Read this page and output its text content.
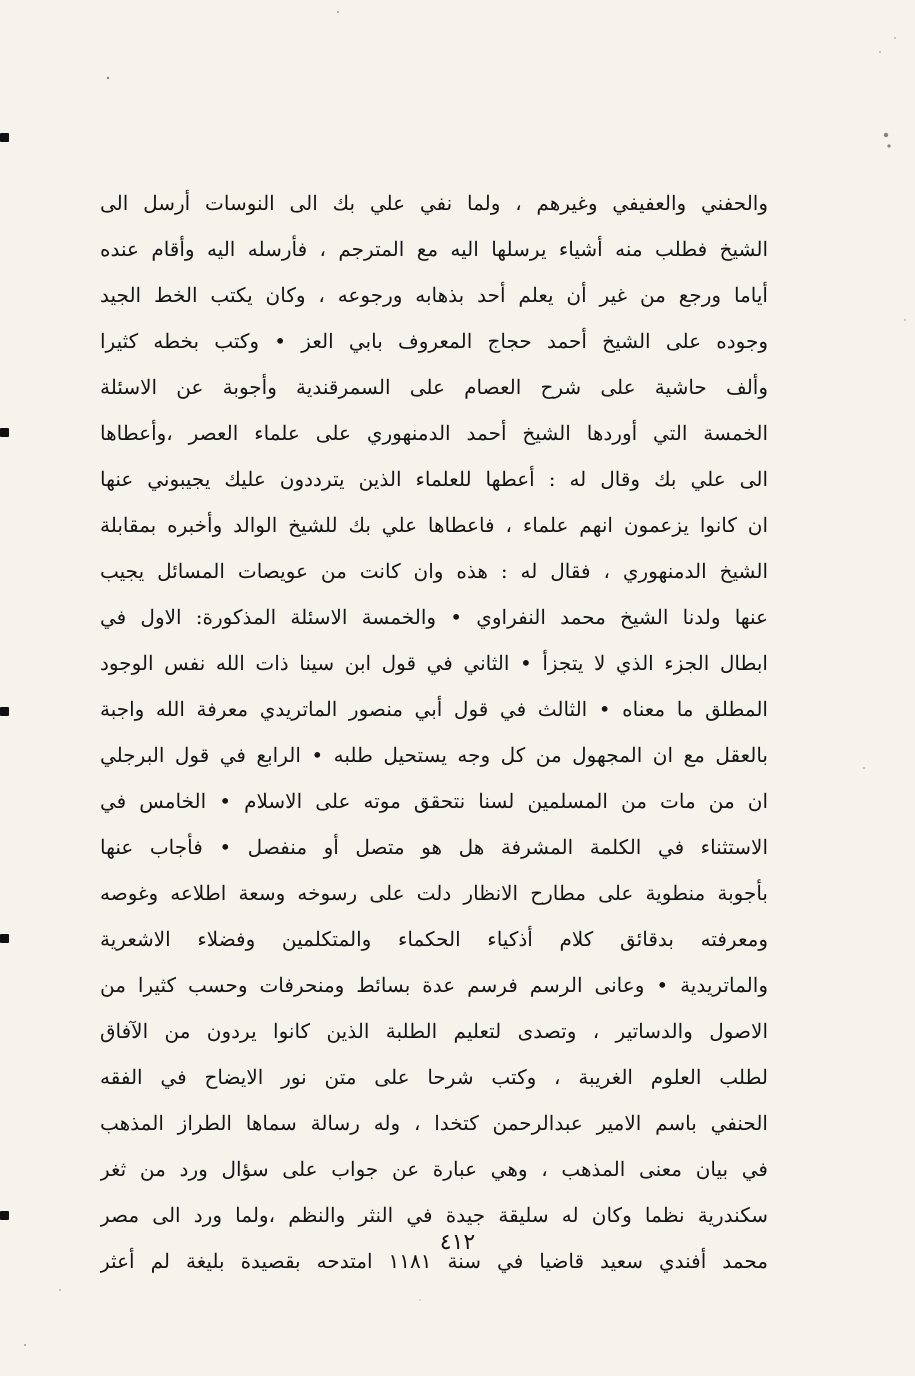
والحفني والعفيفي وغيرهم ، ولما نفي علي بك الى النوسات أرسل الى
الشيخ فطلب منه أشياء يرسلها اليه مع المترجم ، فأرسله اليه وأقام عنده
أياما ورجع من غير أن يعلم أحد بذهابه ورجوعه ، وكان يكتب الخط الجيد
وجوده على الشيخ أحمد حجاج المعروف بابي العز • وكتب بخطه كثيرا
وألف حاشية على شرح العصام على السمرقندية وأجوبة عن الاسئلة
الخمسة التي أوردها الشيخ أحمد الدمنهوري على علماء العصر ،وأعطاها
الى علي بك وقال له : أعطها للعلماء الذين يترددون عليك يجيبوني عنها
ان كانوا يزعمون انهم علماء ، فاعطاها علي بك للشيخ الوالد وأخبره بمقابلة
الشيخ الدمنهوري ، فقال له : هذه وان كانت من عويصات المسائل يجيب
عنها ولدنا الشيخ محمد النفراوي • والخمسة الاسئلة المذكورة: الاول في
ابطال الجزء الذي لا يتجزأ • الثاني في قول ابن سينا ذات الله نفس الوجود
المطلق ما معناه • الثالث في قول أبي منصور الماتريدي معرفة الله واجبة
بالعقل مع ان المجهول من كل وجه يستحيل طلبه • الرابع في قول البرجلي
ان من مات من المسلمين لسنا نتحقق موته على الاسلام • الخامس في
الاستثناء في الكلمة المشرفة هل هو متصل أو منفصل • فأجاب عنها
بأجوبة منطوية على مطارح الانظار دلت على رسوخه وسعة اطلاعه وغوصه
ومعرفته بدقائق كلام أذكياء الحكماء والمتكلمين وفضلاء الاشعرية
والماتريدية • وعانى الرسم فرسم عدة بسائط ومنحرفات وحسب كثيرا من
الاصول والدساتير ، وتصدى لتعليم الطلبة الذين كانوا يردون من الآفاق
لطلب العلوم الغريبة ، وكتب شرحا على متن نور الايضاح في الفقه
الحنفي باسم الامير عبدالرحمن كتخدا ، وله رسالة سماها الطراز المذهب
في بيان معنى المذهب ، وهي عبارة عن جواب على سؤال ورد من ثغر
سكندرية نظما وكان له سليقة جيدة في النثر والنظم ،ولما ورد الى مصر
محمد أفندي سعيد قاضيا في سنة ١١٨١ امتدحه بقصيدة بليغة لم أعثر
٤١٢
